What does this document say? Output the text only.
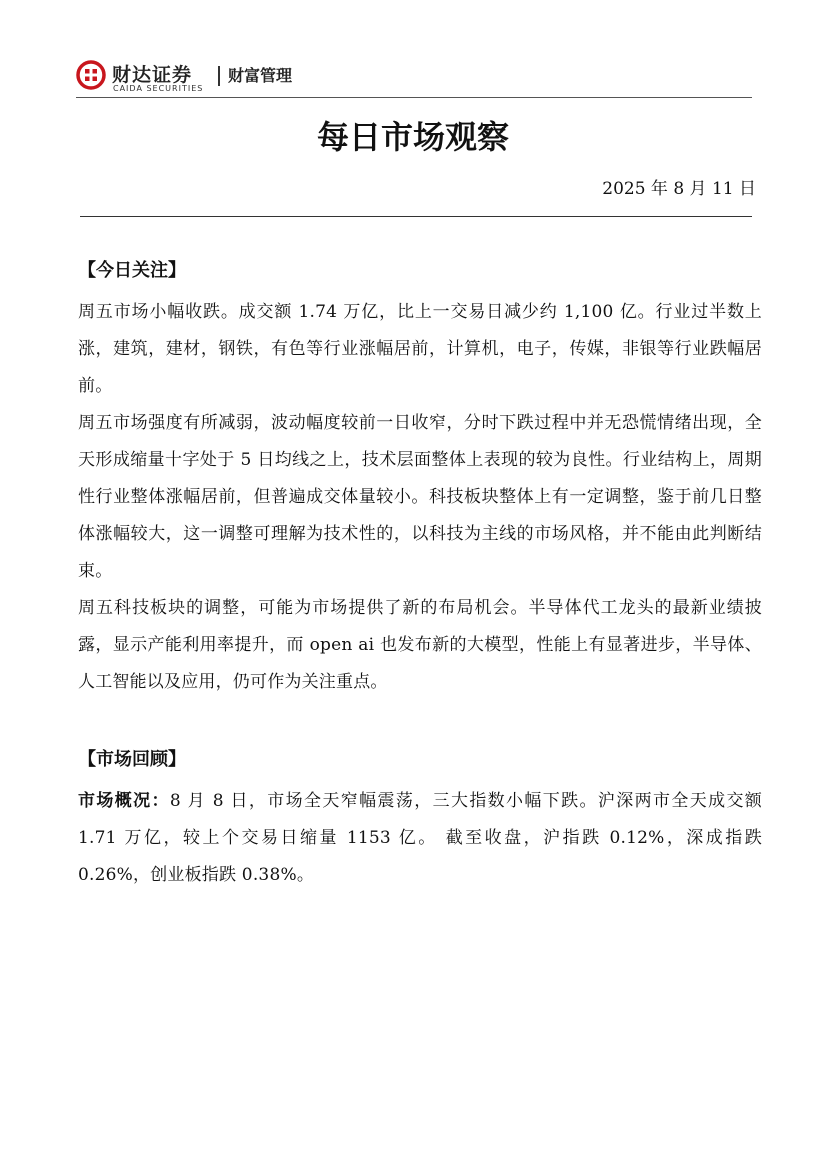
财达证券
CAIDA SECURITIES
财富管理
每日市场观察
2025 年 8 月 11 日
【今日关注】

周五市场小幅收跌。成交额 1.74 万亿，比上一交易日减少约 1,100 亿。行业过半数上涨，建筑，建材，钢铁，有色等行业涨幅居前，计算机，电子，传媒，非银等行业跌幅居前。

周五市场强度有所减弱，波动幅度较前一日收窄，分时下跌过程中并无恐慌情绪出现，全天形成缩量十字处于 5 日均线之上，技术层面整体上表现的较为良性。行业结构上，周期性行业整体涨幅居前，但普遍成交体量较小。科技板块整体上有一定调整，鉴于前几日整体涨幅较大，这一调整可理解为技术性的，以科技为主线的市场风格，并不能由此判断结束。

周五科技板块的调整，可能为市场提供了新的布局机会。半导体代工龙头的最新业绩披露，显示产能利用率提升，而 open ai 也发布新的大模型，性能上有显著进步，半导体、人工智能以及应用，仍可作为关注重点。

【市场回顾】

市场概况：8 月 8 日，市场全天窄幅震荡，三大指数小幅下跌。沪深两市全天成交额 1.71 万亿，较上个交易日缩量 1153 亿。 截至收盘，沪指跌 0.12%，深成指跌 0.26%，创业板指跌 0.38%。
